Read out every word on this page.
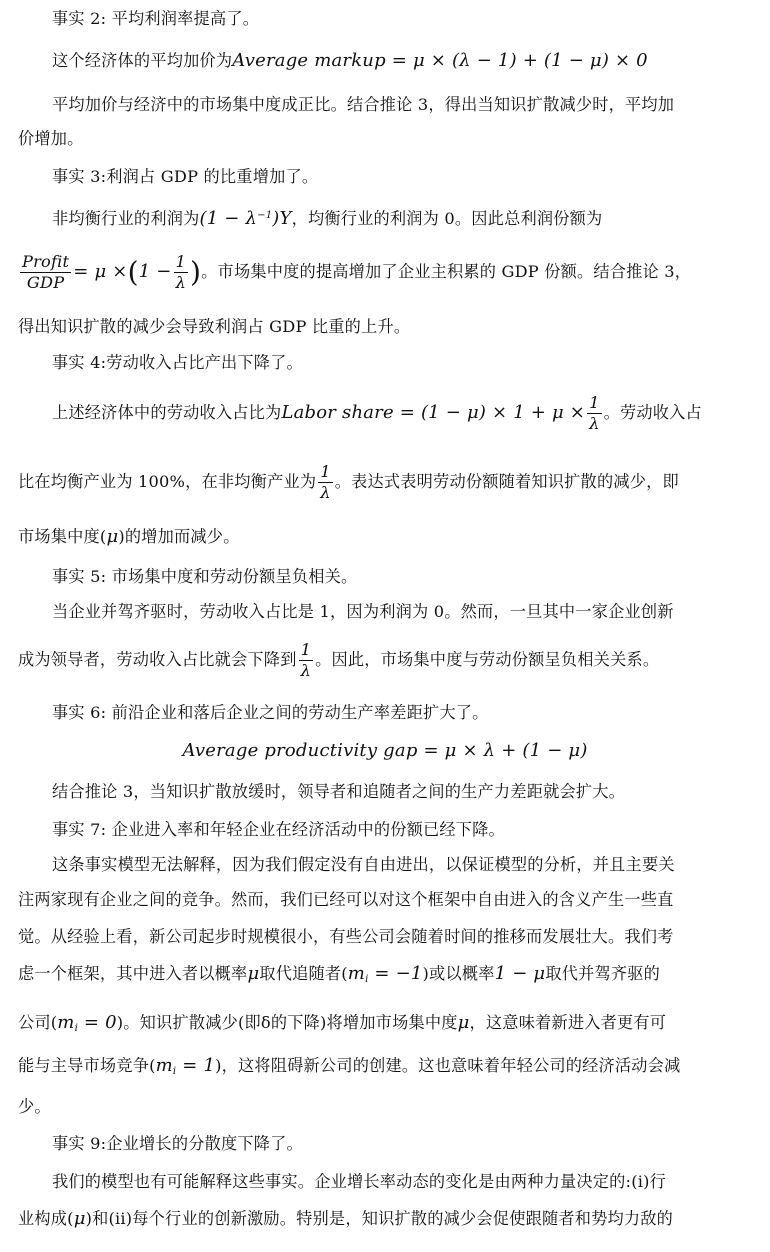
事实 2: 平均利润率提高了。
这个经济体的平均加价为Average markup = μ × (λ − 1) + (1 − μ) × 0
平均加价与经济中的市场集中度成正比。结合推论 3，得出当知识扩散减少时，平均加
价增加。
事实 3:利润占 GDP 的比重增加了。
非均衡行业的利润为$(1 - \lambda^{-1})Y$，均衡行业的利润为 0。因此总利润份额为
$\frac{\text{Profit}}{\text{GDP}} = \mu \times(1 - \frac{1}{\lambda}$ )。市场集中度的提高增加了企业主积累的 GDP 份额。结合推论 3，
得出知识扩散的减少会导致利润占 GDP 比重的上升。
事实 4:劳动收入占比产出下降了。
上述经济体中的劳动收入占比为Labor share = $(1 - \mu) \times 1 + \mu \times \frac{1}{\lambda}$ 。劳动收入占
比在均衡产业为 100%，在非均衡产业为 $\frac{1}{\lambda}$ 。表达式表明劳动份额随着知识扩散的减少，即
市场集中度(μ)的增加而减少。
事实 5: 市场集中度和劳动份额呈负相关。
当企业并驾齐驱时，劳动收入占比是 1，因为利润为 0。然而，一旦其中一家企业创新
成为领导者，劳动收入占比就会下降到 $\frac{1}{\lambda}$ 。因此，市场集中度与劳动份额呈负相关关系。
事实 6: 前沿企业和落后企业之间的劳动生产率差距扩大了。
Average productivity gap = μ × λ + (1 − μ)
结合推论 3，当知识扩散放缓时，领导者和追随者之间的生产力差距就会扩大。
事实 7: 企业进入率和年轻企业在经济活动中的份额已经下降。
这条事实模型无法解释，因为我们假定没有自由进出，以保证模型的分析，并且主要关
注两家现有企业之间的竞争。然而，我们已经可以对这个框架中自由进入的含义产生一些直
觉。从经验上看，新公司起步时规模很小，有些公司会随着时间的推移而发展壮大。我们考
虑一个框架，其中进入者以概率μ取代追随者$(m_i = -1)$或以概率1 − μ取代并驾齐驱的
公司$(m_i = 0)$。知识扩散减少(即δ的下降)将增加市场集中度μ，这意味着新进入者更有可
能与主导市场竞争$(m_i = 1)$，这将阻碍新公司的创建。这也意味着年轻公司的经济活动会减
少。
事实 9:企业增长的分散度下降了。
我们的模型也有可能解释这些事实。企业增长率动态的变化是由两种力量决定的:(i)行
业构成(μ)和(ii)每个行业的创新激励。特别是，知识扩散的减少会促使跟随者和势均力敌的
